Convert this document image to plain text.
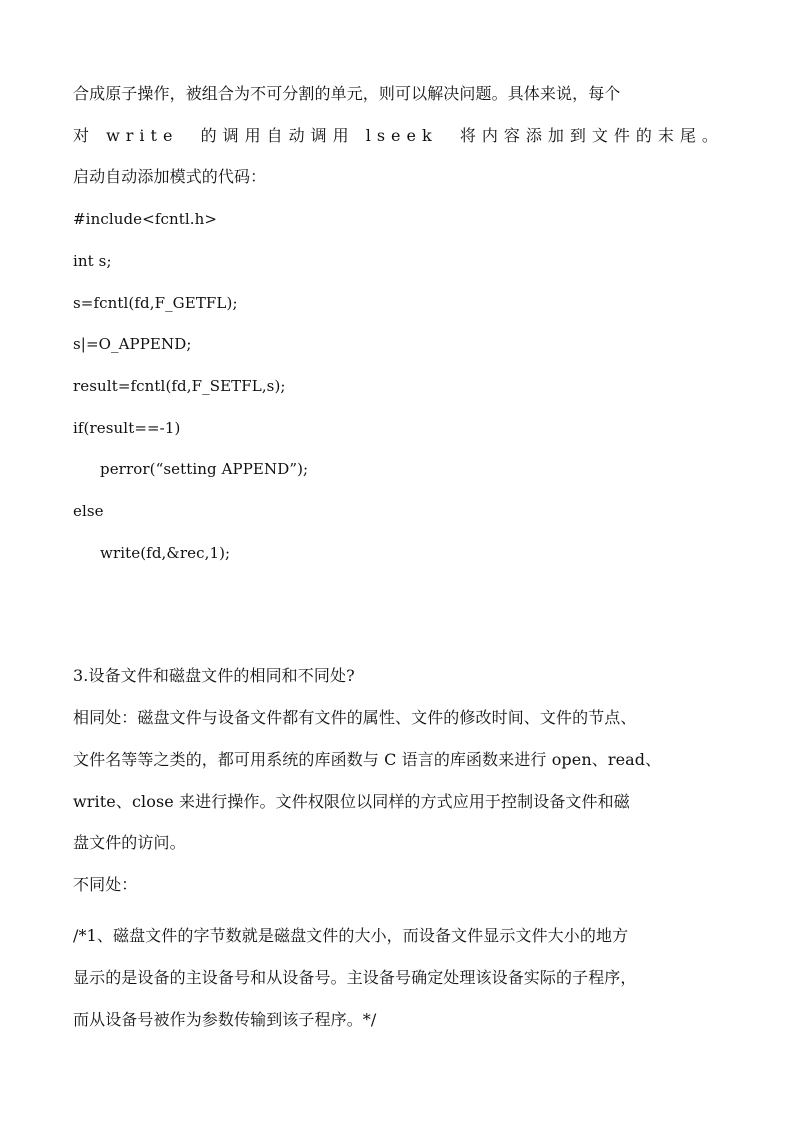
合成原子操作，被组合为不可分割的单元，则可以解决问题。具体来说，每个
对 write  的调用自动调用 lseek  将内容添加到文件的末尾。
启动自动添加模式的代码：
#include<fcntl.h>
int s;
s=fcntl(fd,F_GETFL);
s|=O_APPEND;
result=fcntl(fd,F_SETFL,s);
if(result==-1)
perror(“setting APPEND”);
else
write(fd,&rec,1);
3.设备文件和磁盘文件的相同和不同处?
相同处：磁盘文件与设备文件都有文件的属性、文件的修改时间、文件的节点、
文件名等等之类的，都可用系统的库函数与 C 语言的库函数来进行 open、read、
write、close 来进行操作。文件权限位以同样的方式应用于控制设备文件和磁
盘文件的访问。
不同处：
/*1、磁盘文件的字节数就是磁盘文件的大小，而设备文件显示文件大小的地方
显示的是设备的主设备号和从设备号。主设备号确定处理该设备实际的子程序，
而从设备号被作为参数传输到该子程序。*/
